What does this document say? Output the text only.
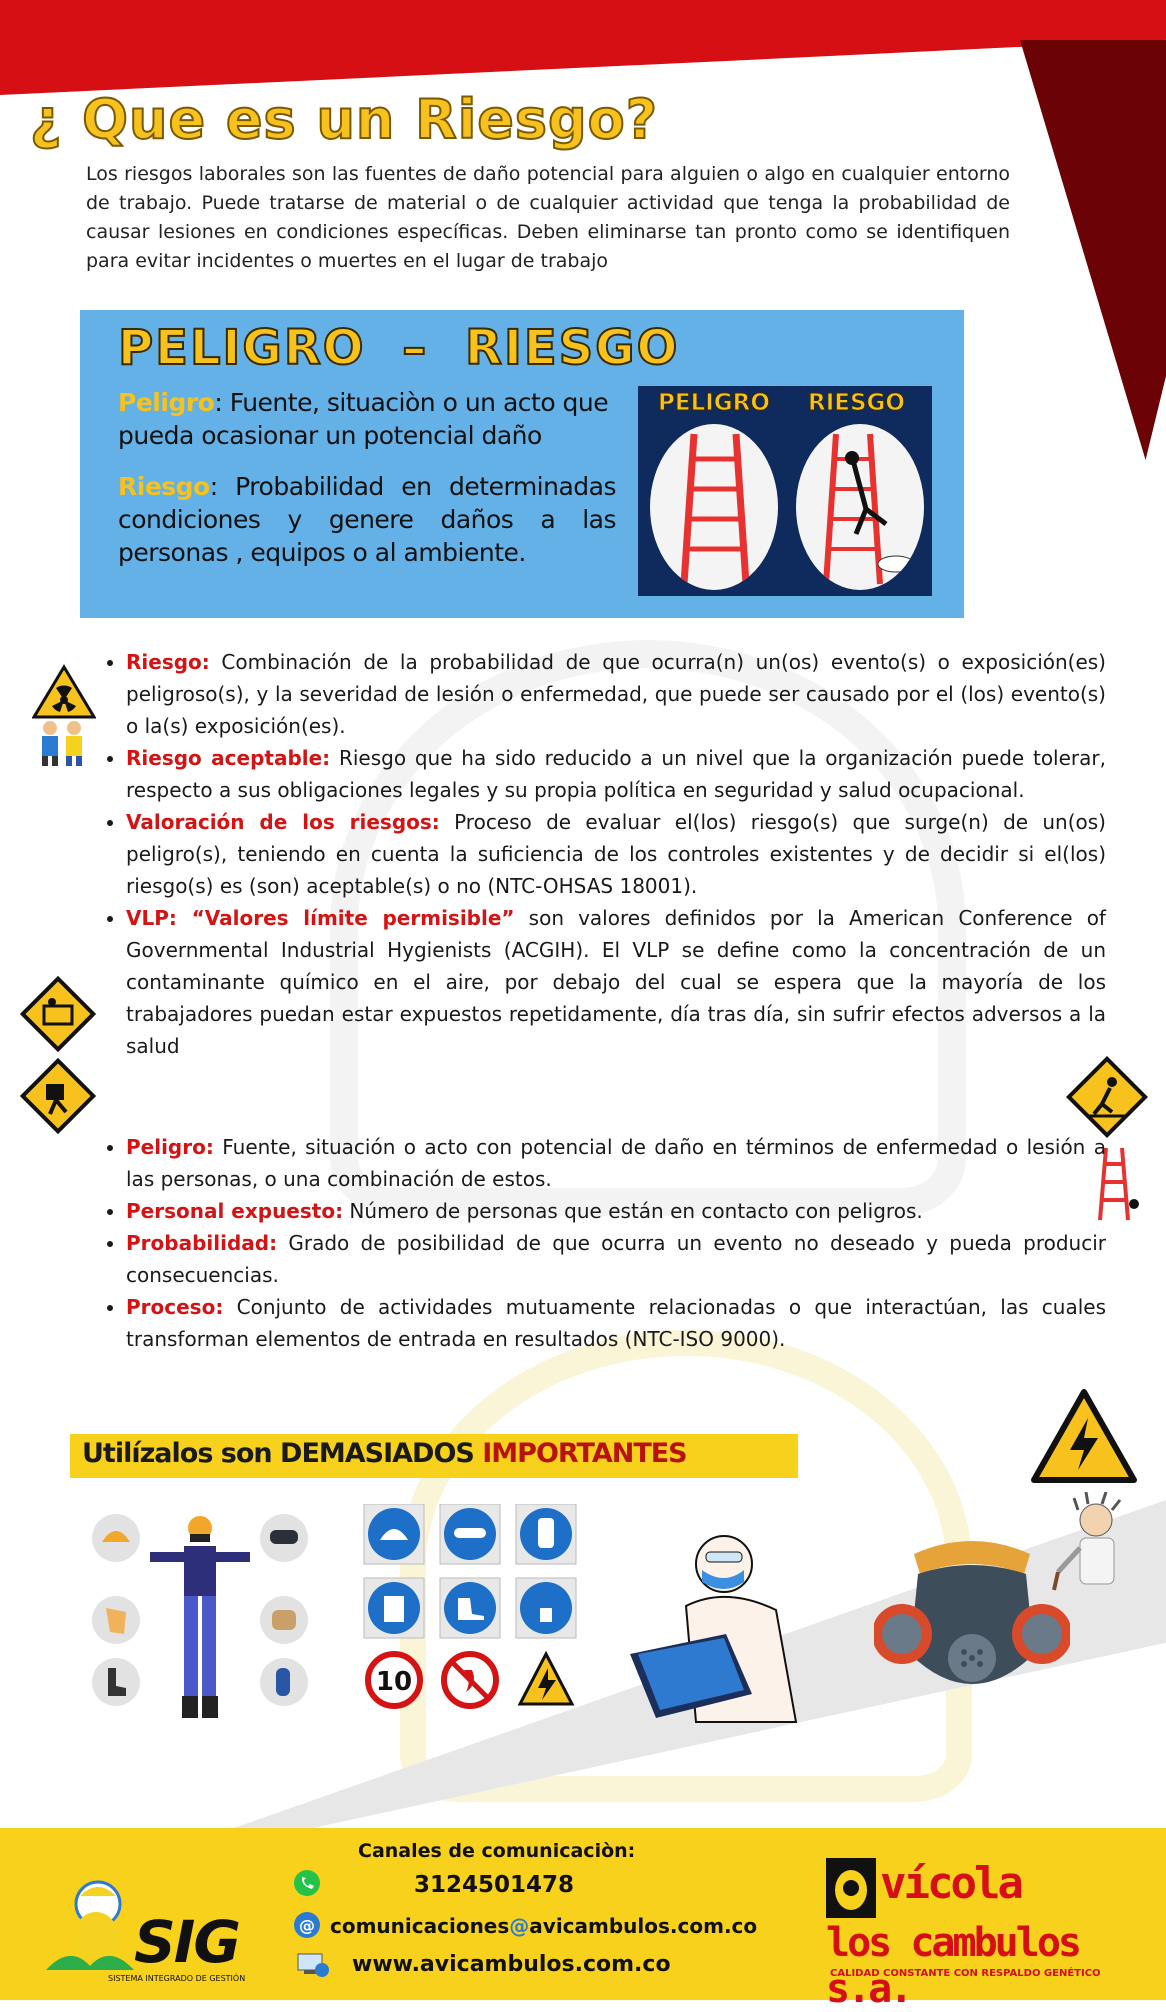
¿ Que es un Riesgo?

Los riesgos laborales son las fuentes de daño potencial para alguien o algo en cualquier entorno de trabajo. Puede tratarse de material o de cualquier actividad que tenga la probabilidad de causar lesiones en condiciones específicas. Deben eliminarse tan pronto como se identifiquen para evitar incidentes o muertes en el lugar de trabajo

PELIGRO – RIESGO
Peligro: Fuente, situaciòn o un acto que pueda ocasionar un potencial daño
Riesgo: Probabilidad en determinadas condiciones y genere daños a las personas , equipos o al ambiente.
PELIGRO RIESGO
• Riesgo: Combinación de la probabilidad de que ocurra(n) un(os) evento(s) o exposición(es) peligroso(s), y la severidad de lesión o enfermedad, que puede ser causado por el (los) evento(s) o la(s) exposición(es).
• Riesgo aceptable: Riesgo que ha sido reducido a un nivel que la organización puede tolerar, respecto a sus obligaciones legales y su propia política en seguridad y salud ocupacional.
• Valoración de los riesgos: Proceso de evaluar el(los) riesgo(s) que surge(n) de un(os) peligro(s), teniendo en cuenta la suficiencia de los controles existentes y de decidir si el(los) riesgo(s) es (son) aceptable(s) o no (NTC-OHSAS 18001).
• VLP: “Valores límite permisible” son valores definidos por la American Conference of Governmental Industrial Hygienists (ACGIH). El VLP se define como la concentración de un contaminante químico en el aire, por debajo del cual se espera que la mayoría de los trabajadores puedan estar expuestos repetidamente, día tras día, sin sufrir efectos adversos a la salud
• Peligro: Fuente, situación o acto con potencial de daño en términos de enfermedad o lesión a las personas, o una combinación de estos.
• Personal expuesto: Número de personas que están en contacto con peligros.
• Probabilidad: Grado de posibilidad de que ocurra un evento no deseado y pueda producir consecuencias.
• Proceso: Conjunto de actividades mutuamente relacionadas o que interactúan, las cuales transforman elementos de entrada en resultados (NTC-ISO 9000).
Utilízalos son DEMASIADOS IMPORTANTES
10
SIG
SISTEMA INTEGRADO DE GESTIÓN
Canales de comunicaciòn:
3124501478
@ comunicaciones@avicambulos.com.co
www.avicambulos.com.co
vícola
los cambulos s.a.
CALIDAD CONSTANTE CON RESPALDO GENÉTICO
